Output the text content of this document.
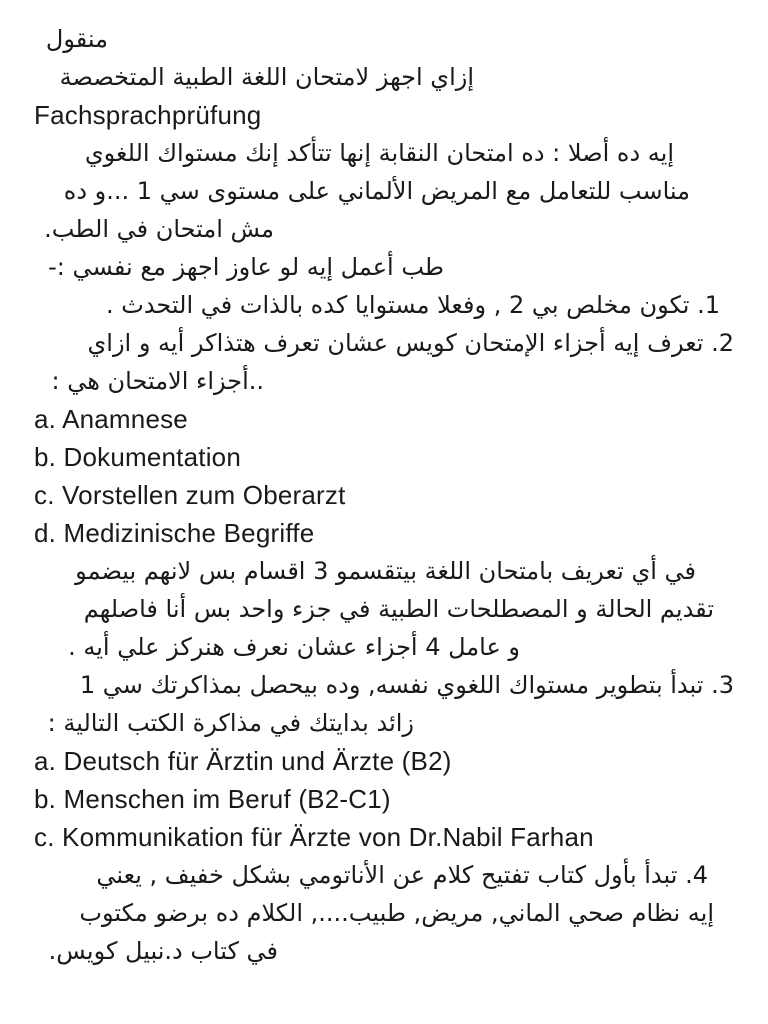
منقول
إزاي اجهز لامتحان اللغة الطبية المتخصصة
Fachsprachprüfung
إيه ده أصلا : ده امتحان النقابة إنها تتأكد إنك مستواك اللغوي
مناسب للتعامل مع المريض الألماني على مستوى سي 1 ...و ده
مش امتحان في الطب.
طب أعمل إيه لو عاوز اجهز مع نفسي :-
1. تكون مخلص بي 2 , وفعلا مستوايا كده بالذات في التحدث .
2. تعرف إيه أجزاء الإمتحان كويس عشان تعرف هتذاكر أيه و ازاي
..أجزاء الامتحان هي :
a. Anamnese
b. Dokumentation
c. Vorstellen zum Oberarzt
d. Medizinische Begriffe
في أي تعريف بامتحان اللغة بيتقسمو 3 اقسام بس لانهم بيضمو
تقديم الحالة و المصطلحات الطبية في جزء واحد بس أنا فاصلهم
و عامل 4 أجزاء عشان نعرف هنركز علي أيه .
3. تبدأ بتطوير مستواك اللغوي نفسه, وده بيحصل بمذاكرتك سي 1
زائد بدايتك في مذاكرة الكتب التالية :
a. Deutsch für Ärztin und Ärzte (B2)
b. Menschen im Beruf (B2-C1)
c. Kommunikation für Ärzte von Dr.Nabil Farhan
4. تبدأ بأول كتاب تفتيح كلام عن الأناتومي بشكل خفيف , يعني
إيه نظام صحي الماني, مريض, طبيب...., الكلام ده برضو مكتوب
في كتاب د.نبيل كويس.
